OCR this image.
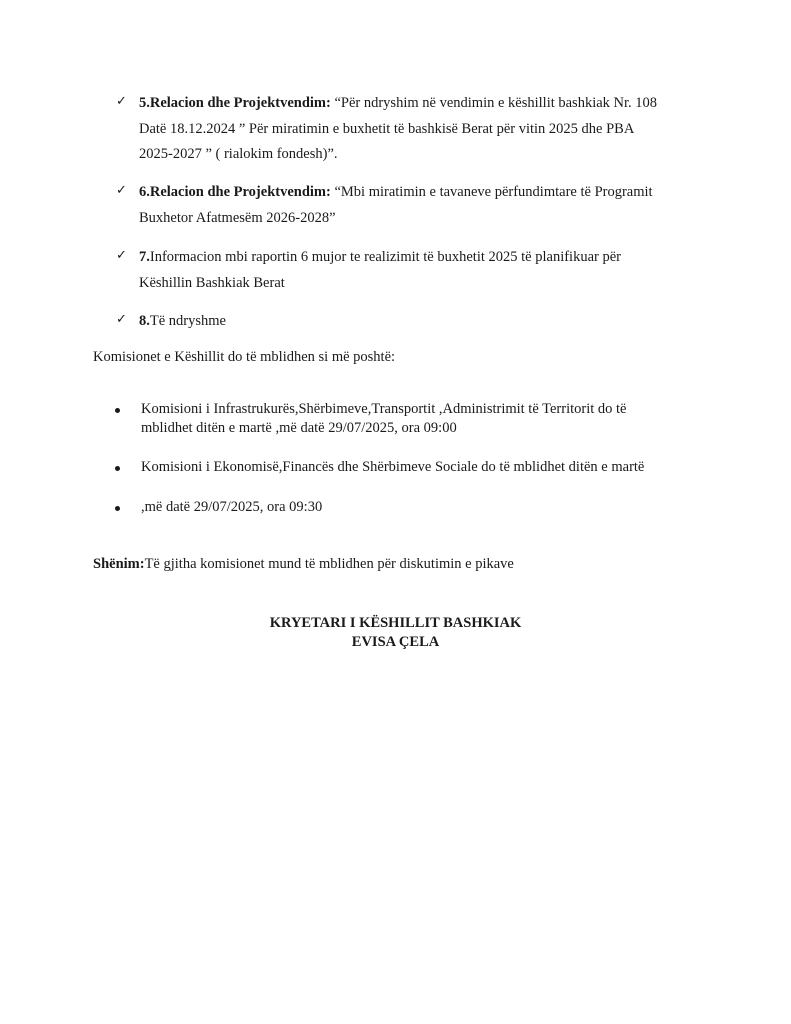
✓ 5.Relacion dhe Projektvendim: “Për ndryshim në vendimin e këshillit bashkiak Nr. 108
Datë 18.12.2024 ” Për miratimin e buxhetit të bashkisë Berat për vitin 2025 dhe PBA
2025-2027 ” ( rialokim fondesh)”.
✓ 6.Relacion dhe Projektvendim: “Mbi miratimin e tavaneve përfundimtare të Programit
Buxhetor Afatmesëm 2026-2028”
✓ 7.Informacion mbi raportin 6 mujor te realizimit të buxhetit 2025 të planifikuar për
Këshillin Bashkiak Berat
✓ 8.Të ndryshme
Komisionet e Këshillit do të mblidhen si më poshtë:
Komisioni i Infrastrukurës,Shërbimeve,Transportit ,Administrimit të Territorit do të
mblidhet ditën e martë ,më datë 29/07/2025, ora 09:00
Komisioni i Ekonomisë,Financës dhe Shërbimeve Sociale do të mblidhet ditën e martë
,më datë 29/07/2025, ora 09:30
Shënim:Të gjitha komisionet mund të mblidhen për diskutimin e pikave
KRYETARI I KËSHILLIT BASHKIAK
EVISA ÇELA
